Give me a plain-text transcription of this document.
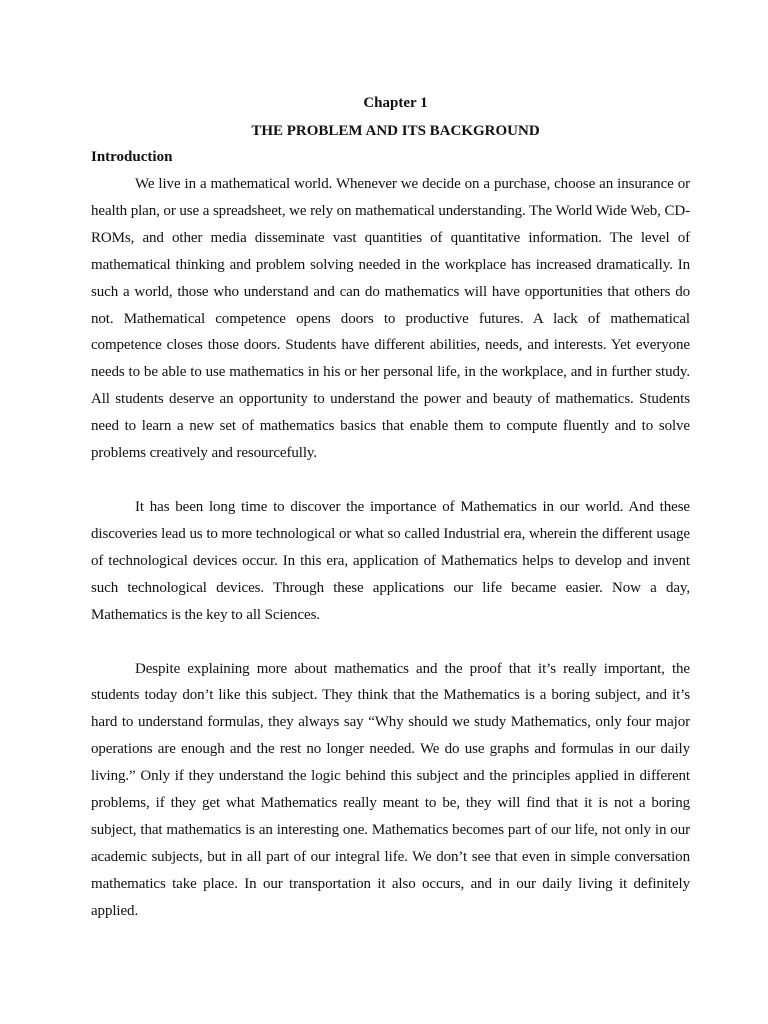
Chapter 1
THE PROBLEM AND ITS BACKGROUND
Introduction

We live in a mathematical world. Whenever we decide on a purchase, choose an insurance or health plan, or use a spreadsheet, we rely on mathematical understanding. The World Wide Web, CD-ROMs, and other media disseminate vast quantities of quantitative information. The level of mathematical thinking and problem solving needed in the workplace has increased dramatically. In such a world, those who understand and can do mathematics will have opportunities that others do not. Mathematical competence opens doors to productive futures. A lack of mathematical competence closes those doors. Students have different abilities, needs, and interests. Yet everyone needs to be able to use mathematics in his or her personal life, in the workplace, and in further study. All students deserve an opportunity to understand the power and beauty of mathematics. Students need to learn a new set of mathematics basics that enable them to compute fluently and to solve problems creatively and resourcefully.

It has been long time to discover the importance of Mathematics in our world. And these discoveries lead us to more technological or what so called Industrial era, wherein the different usage of technological devices occur. In this era, application of Mathematics helps to develop and invent such technological devices. Through these applications our life became easier. Now a day, Mathematics is the key to all Sciences.

Despite explaining more about mathematics and the proof that it’s really important, the students today don’t like this subject. They think that the Mathematics is a boring subject, and it’s hard to understand formulas, they always say “Why should we study Mathematics, only four major operations are enough and the rest no longer needed. We do use graphs and formulas in our daily living.” Only if they understand the logic behind this subject and the principles applied in different problems, if they get what Mathematics really meant to be, they will find that it is not a boring subject, that mathematics is an interesting one. Mathematics becomes part of our life, not only in our academic subjects, but in all part of our integral life. We don’t see that even in simple conversation mathematics take place. In our transportation it also occurs, and in our daily living it definitely applied.
